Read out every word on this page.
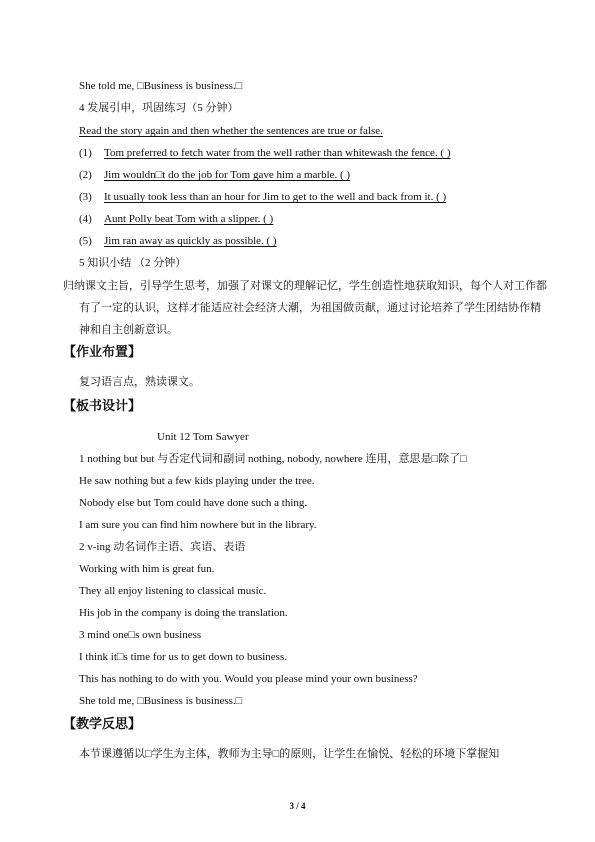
She told me, □Business is business.□
4 发展引申，巩固练习（5 分钟）
Read the story again and then whether the sentences are true or false.
(1) Tom preferred to fetch water from the well rather than whitewash the fence. ( )
(2) Jim wouldn□t do the job for Tom gave him a marble. ( )
(3) It usually took less than an hour for Jim to get to the well and back from it. ( )
(4) Aunt Polly beat Tom with a slipper. ( )
(5) Jim ran away as quickly as possible. ( )
5 知识小结 （2 分钟）
归纳课文主旨，引导学生思考，加强了对课文的理解记忆，学生创造性地获取知识，每个人对工作都有了一定的认识，这样才能适应社会经济大潮，为祖国做贡献，通过讨论培养了学生团结协作精神和自主创新意识。
【作业布置】
复习语言点，熟读课文。
【板书设计】
Unit 12 Tom Sawyer
1 nothing but but 与否定代词和副词 nothing, nobody, nowhere 连用，意思是□除了□
He saw nothing but a few kids playing under the tree.
Nobody else but Tom could have done such a thing.
I am sure you can find him nowhere but in the library.
2 v-ing 动名词作主语、宾语、表语
Working with him is great fun.
They all enjoy listening to classical music.
His job in the company is doing the translation.
3 mind one□s own business
I think it□s time for us to get down to business.
This has nothing to do with you. Would you please mind your own business?
She told me, □Business is business.□
【教学反思】
本节课遵循以□学生为主体，教师为主导□的原则，让学生在愉悦、轻松的环境下掌握知
3 / 4
